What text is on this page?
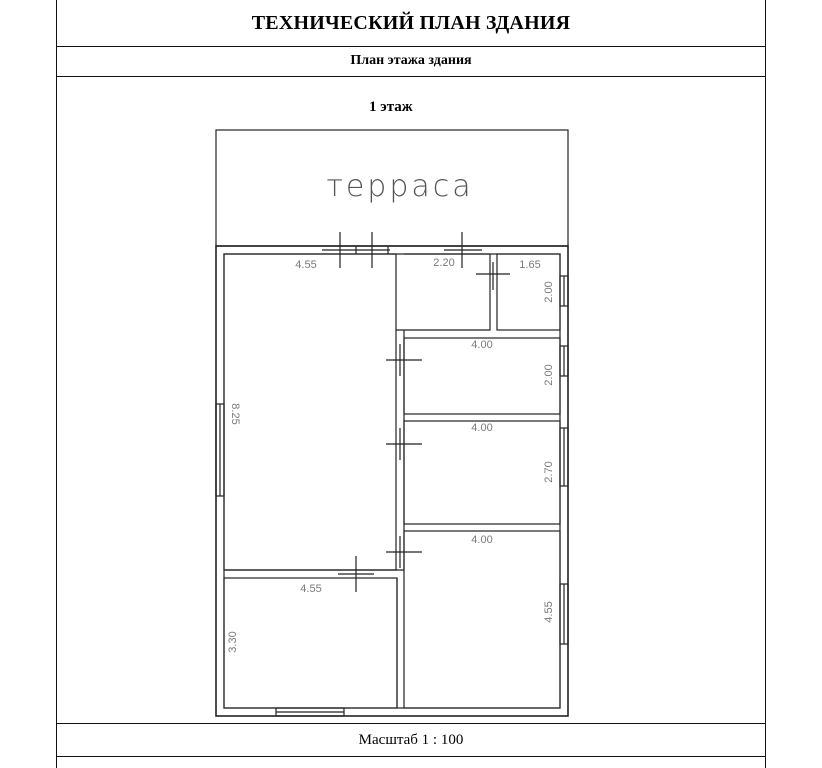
ТЕХНИЧЕСКИЙ ПЛАН ЗДАНИЯ
План этажа здания
1 этаж
Масштаб 1 : 100
терраса
4.55
8.25
2.20	1.65
2.00
4.00
2.00
4.00
2.70
4.00
4.55
4.55
3.30
